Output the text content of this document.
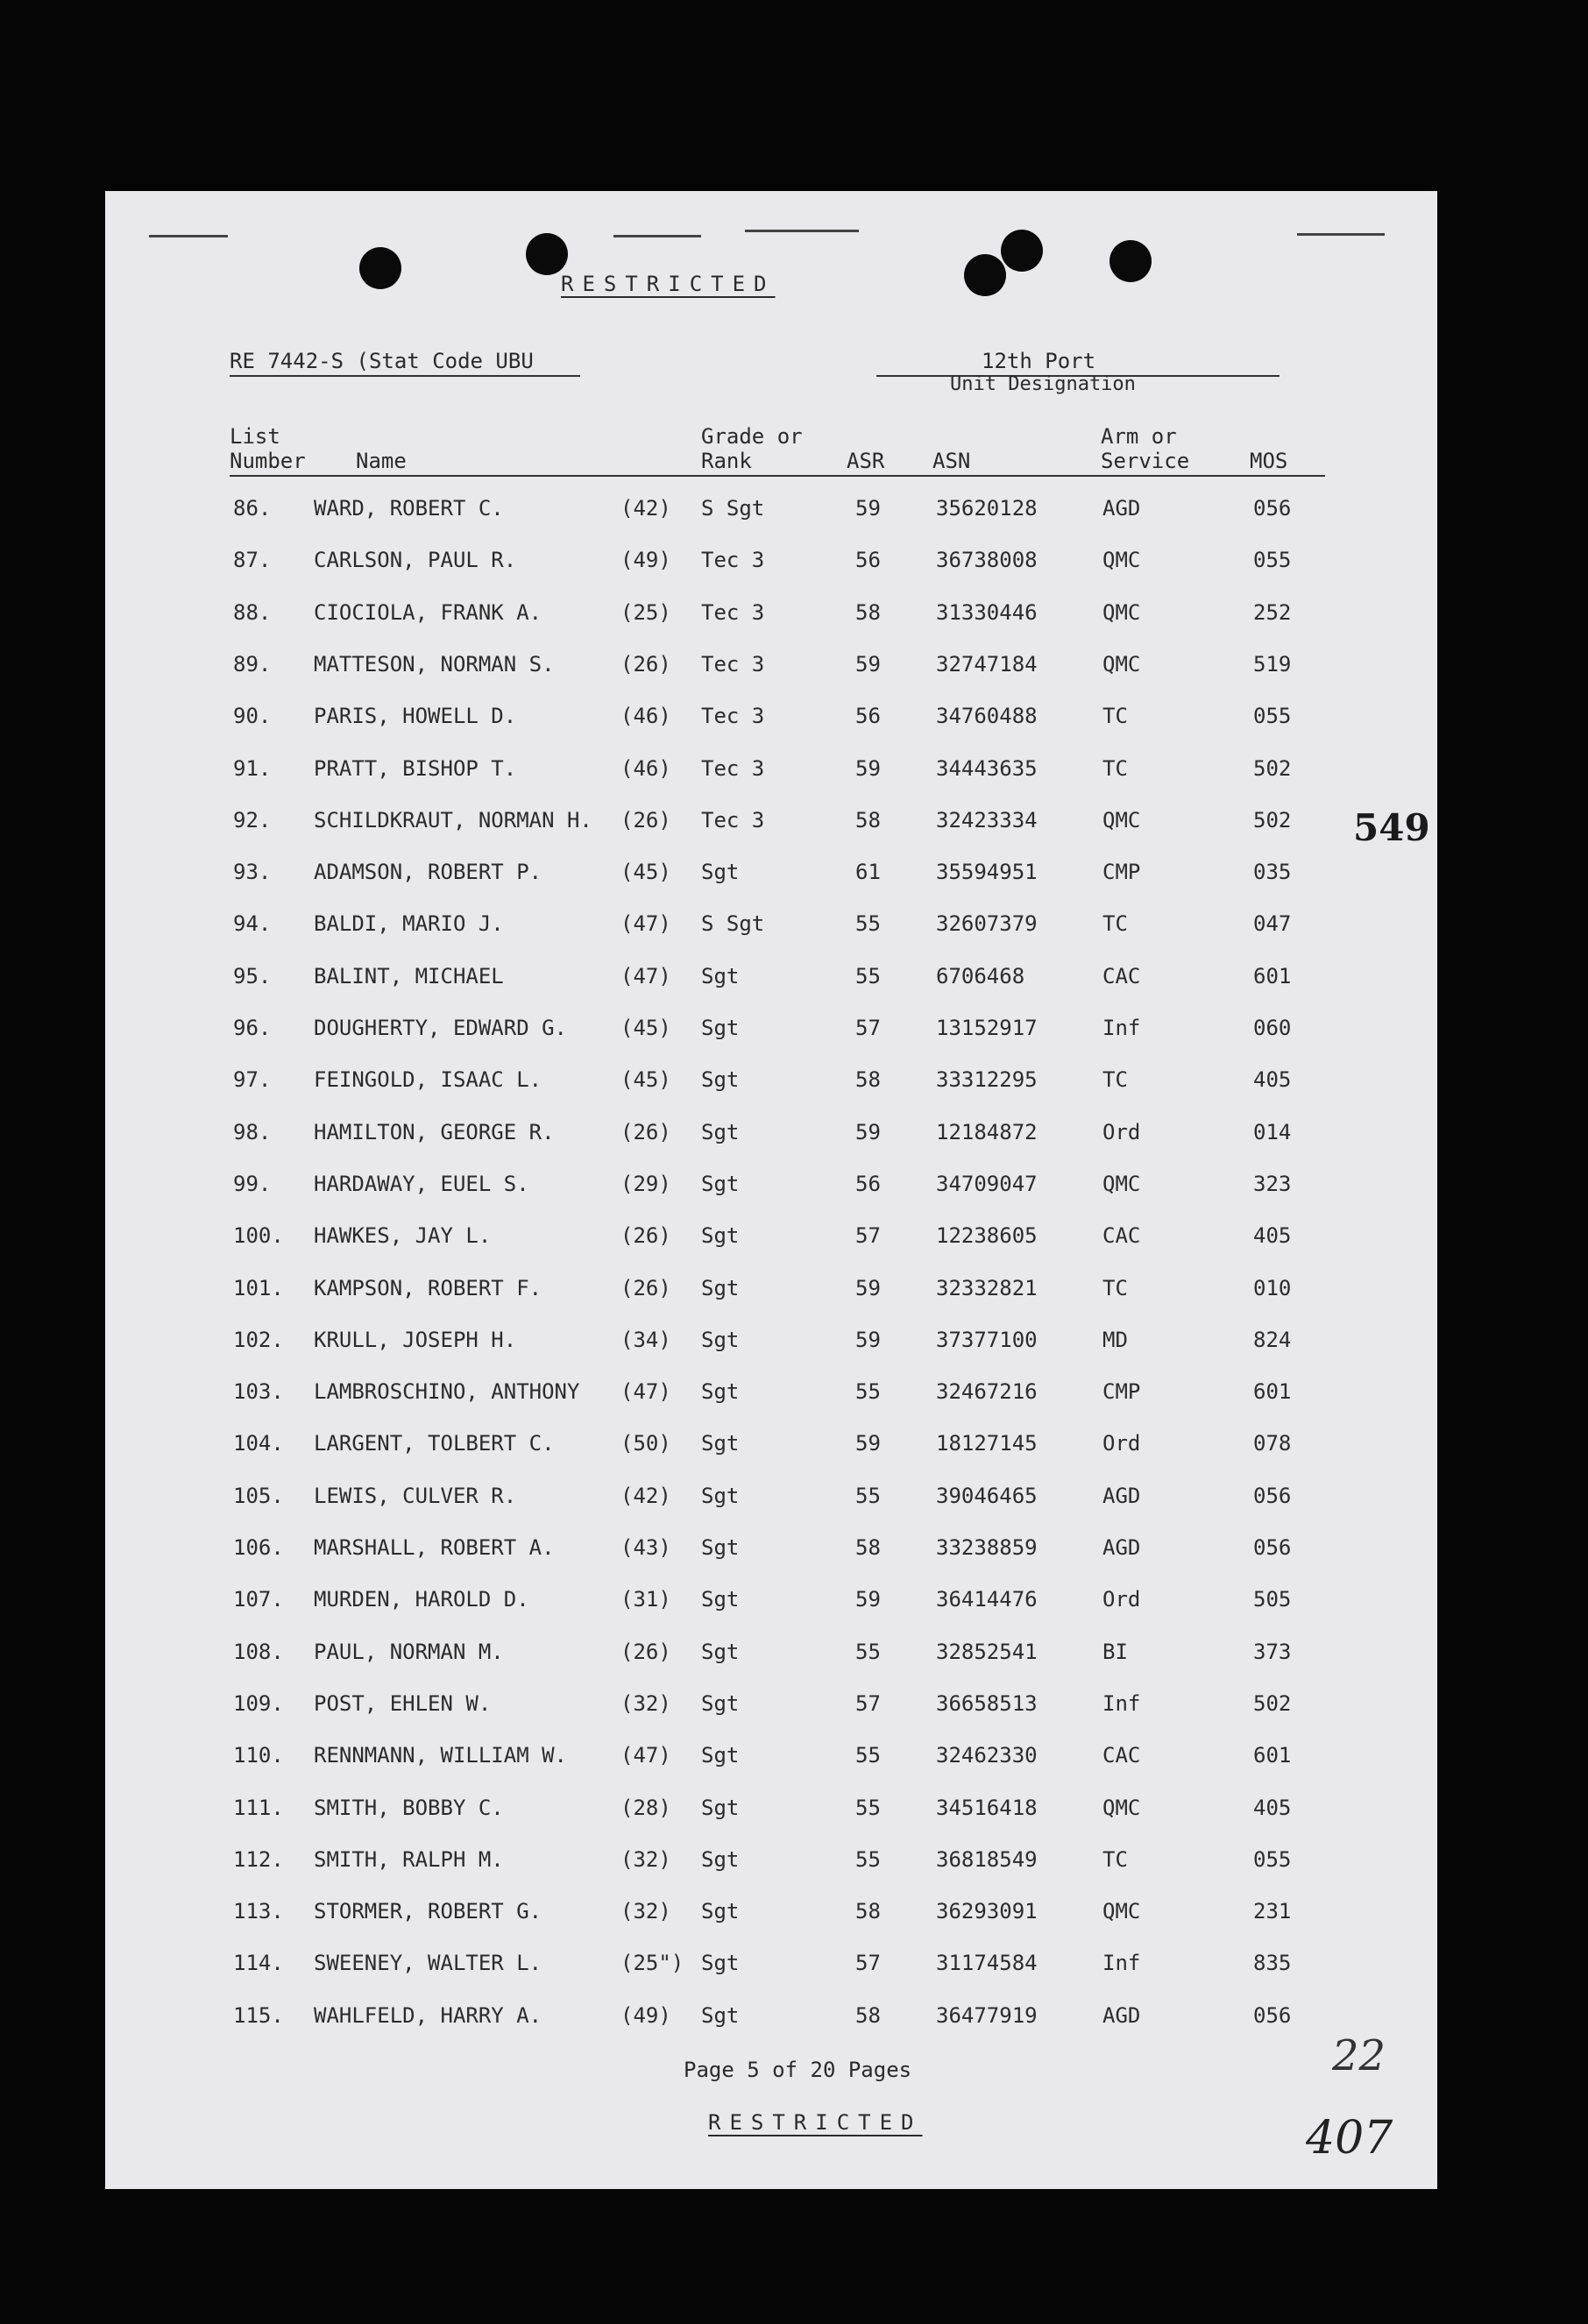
RESTRICTED
RE 7442-S (Stat Code UBU	12th Port
Unit Designation
List
Number Name
Grade or
Rank	ASR ASN
Arm or
Service	MOS
86. WARD, ROBERT C.	(42) S Sgt	59	35620128	AGD	056
87. CARLSON, PAUL R.	(49) Tec 3	56	36738008	QMC	055
88. CIOCIOLA, FRANK A.	(25) Tec 3	58	31330446	QMC	252
89. MATTESON, NORMAN S.	(26) Tec 3	59	32747184	QMC	519
90. PARIS, HOWELL D.	(46) Tec 3	56	34760488	TC	055
91. PRATT, BISHOP T.	(46) Tec 3	59	34443635	TC	502
92. SCHILDKRAUT, NORMAN H. (26) Tec 3	58	32423334	QMC	502
93. ADAMSON, ROBERT P.	(45) Sgt	61	35594951	CMP	035
94. BALDI, MARIO J.	(47) S Sgt	55	32607379	TC	047
95. BALINT, MICHAEL	(47) Sgt	55	6706468	CAC	601
96. DOUGHERTY, EDWARD G.	(45) Sgt	57	13152917	Inf	060
97. FEINGOLD, ISAAC L.	(45) Sgt	58	33312295	TC	405
98. HAMILTON, GEORGE R.	(26) Sgt	59	12184872	Ord	014
99. HARDAWAY, EUEL S.	(29) Sgt	56	34709047	QMC	323
100. HAWKES, JAY L.	(26) Sgt	57	12238605	CAC	405
101. KAMPSON, ROBERT F.	(26) Sgt	59	32332821	TC	010
102. KRULL, JOSEPH H.	(34) Sgt	59	37377100	MD	824
103. LAMBROSCHINO, ANTHONY (47) Sgt	55	32467216	CMP	601
104. LARGENT, TOLBERT C.	(50) Sgt	59	18127145	Ord	078
105. LEWIS, CULVER R.	(42) Sgt	55	39046465	AGD	056
106. MARSHALL, ROBERT A.	(43) Sgt	58	33238859	AGD	056
107. MURDEN, HAROLD D.	(31) Sgt	59	36414476	Ord	505
108. PAUL, NORMAN M.	(26) Sgt	55	32852541	BI	373
109. POST, EHLEN W.	(32) Sgt	57	36658513	Inf	502
110. RENNMANN, WILLIAM W.	(47) Sgt	55	32462330	CAC	601
111. SMITH, BOBBY C.	(28) Sgt	55	34516418	QMC	405
112. SMITH, RALPH M.	(32) Sgt	55	36818549	TC	055
113. STORMER, ROBERT G.	(32) Sgt	58	36293091	QMC	231
114. SWEENEY, WALTER L.	(25") Sgt	57	31174584	Inf	835
115. WAHLFELD, HARRY A.	(49) Sgt	58	36477919	AGD	056
Page 5 of 20 Pages
RESTRICTED
22
549
407
